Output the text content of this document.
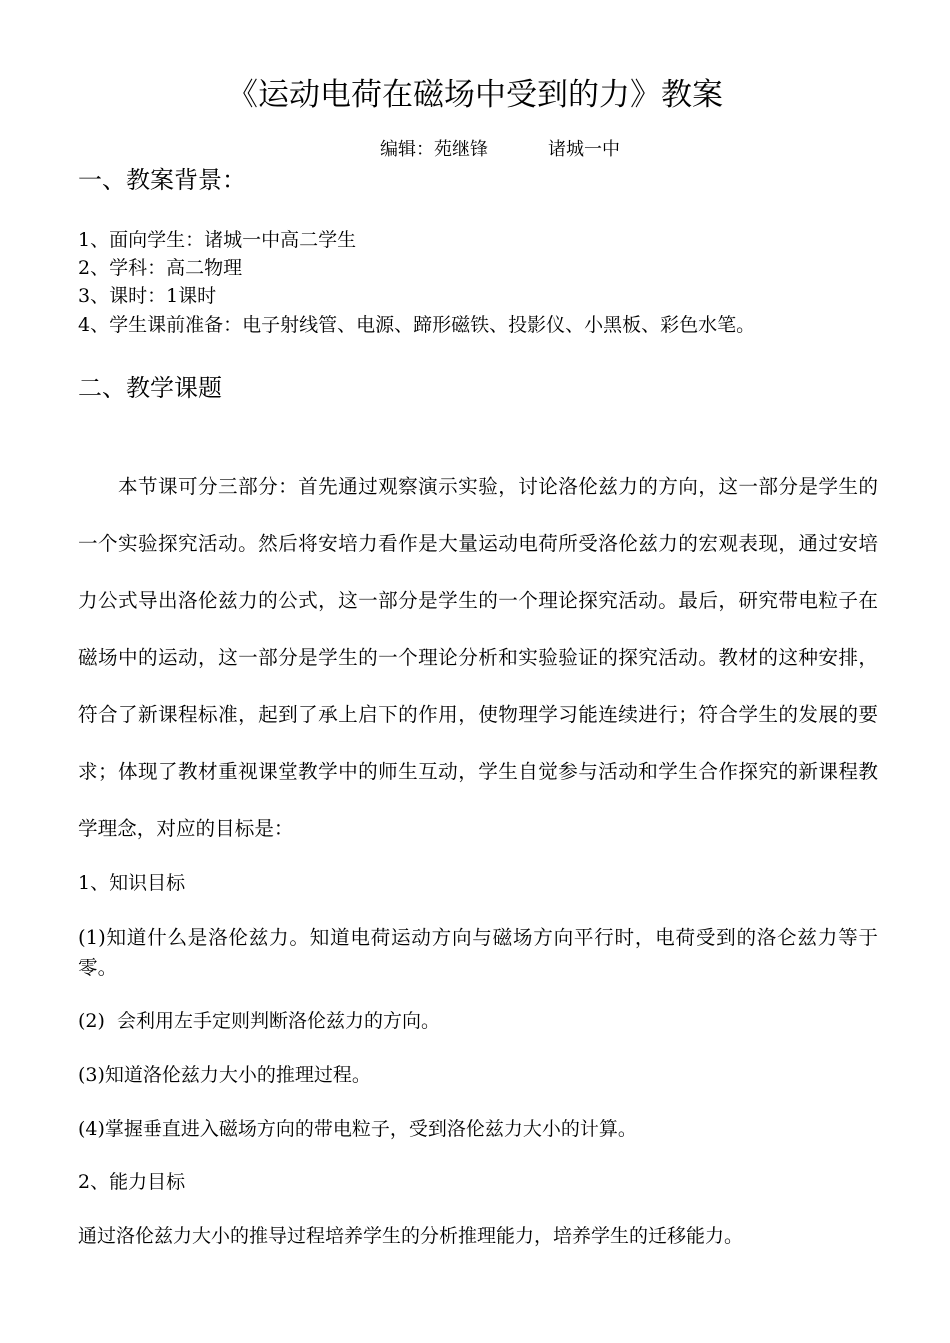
《运动电荷在磁场中受到的力》教案
编辑：苑继锋	诸城一中
一、教案背景：
1、面向学生：诸城一中高二学生
2、学科：高二物理
3、课时：1课时
4、学生课前准备：电子射线管、电源、蹄形磁铁、投影仪、小黑板、彩色水笔。
二、教学课题

本节课可分三部分：首先通过观察演示实验，讨论洛伦兹力的方向，这一部分是学生的一个实验探究活动。然后将安培力看作是大量运动电荷所受洛伦兹力的宏观表现，通过安培力公式导出洛伦兹力的公式，这一部分是学生的一个理论探究活动。最后，研究带电粒子在磁场中的运动，这一部分是学生的一个理论分析和实验验证的探究活动。教材的这种安排，符合了新课程标准，起到了承上启下的作用，使物理学习能连续进行；符合学生的发展的要求；体现了教材重视课堂教学中的师生互动，学生自觉参与活动和学生合作探究的新课程教学理念，对应的目标是：

1、知识目标

(1)知道什么是洛伦兹力。知道电荷运动方向与磁场方向平行时，电荷受到的洛仑兹力等于零。

(2)  会利用左手定则判断洛伦兹力的方向。
(3)知道洛伦兹力大小的推理过程。
(4)掌握垂直进入磁场方向的带电粒子，受到洛伦兹力大小的计算。
2、能力目标
通过洛伦兹力大小的推导过程培养学生的分析推理能力，培养学生的迁移能力。
